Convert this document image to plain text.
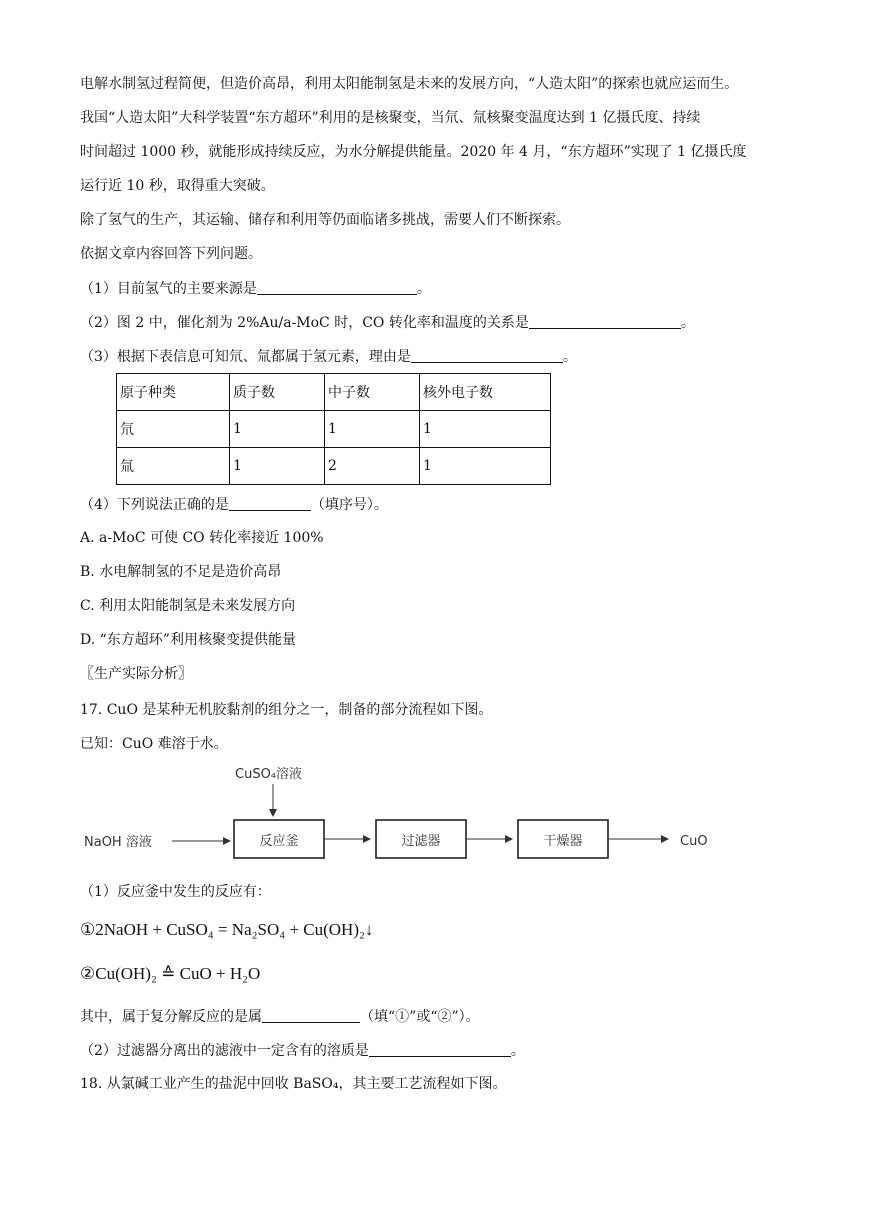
电解水制氢过程简便，但造价高昂，利用太阳能制氢是未来的发展方向，“人造太阳”的探索也就应运而生。
我国“人造太阳”大科学装置“东方超环”利用的是核聚变，当氘、氚核聚变温度达到 1 亿摄氏度、持续
时间超过 1000 秒，就能形成持续反应，为水分解提供能量。2020 年 4 月，“东方超环”实现了 1 亿摄氏度
运行近 10 秒，取得重大突破。
除了氢气的生产，其运输、储存和利用等仍面临诸多挑战，需要人们不断探索。
依据文章内容回答下列问题。
（1）目前氢气的主要来源是	。
（2）图 2 中，催化剂为 2%Au/a-MoC 时，CO 转化率和温度的关系是	。
（3）根据下表信息可知氘、氚都属于氢元素，理由是	。
原子种类	质子数	中子数	核外电子数
氘	1	1	1
氚	1	2	1
（4）下列说法正确的是	（填序号）。
A. a-MoC 可使 CO 转化率接近 100%
B. 水电解制氢的不足是造价高昂
C. 利用太阳能制氢是未来发展方向
D. “东方超环”利用核聚变提供能量
〖生产实际分析〗
17. CuO 是某种无机胶黏剂的组分之一，制备的部分流程如下图。
已知：CuO 难溶于水。
CuSO₄溶液
NaOH 溶液	反应釜	过滤器	干燥器	CuO
（1）反应釜中发生的反应有：
①2NaOH + CuSO₄ = Na₂SO₄ + Cu(OH)₂↓
②Cu(OH)₂ ≙ CuO + H₂O
其中，属于复分解反应的是属	（填“①”或“②”）。
（2）过滤器分离出的滤液中一定含有的溶质是	。
18. 从氯碱工业产生的盐泥中回收 BaSO₄，其主要工艺流程如下图。
